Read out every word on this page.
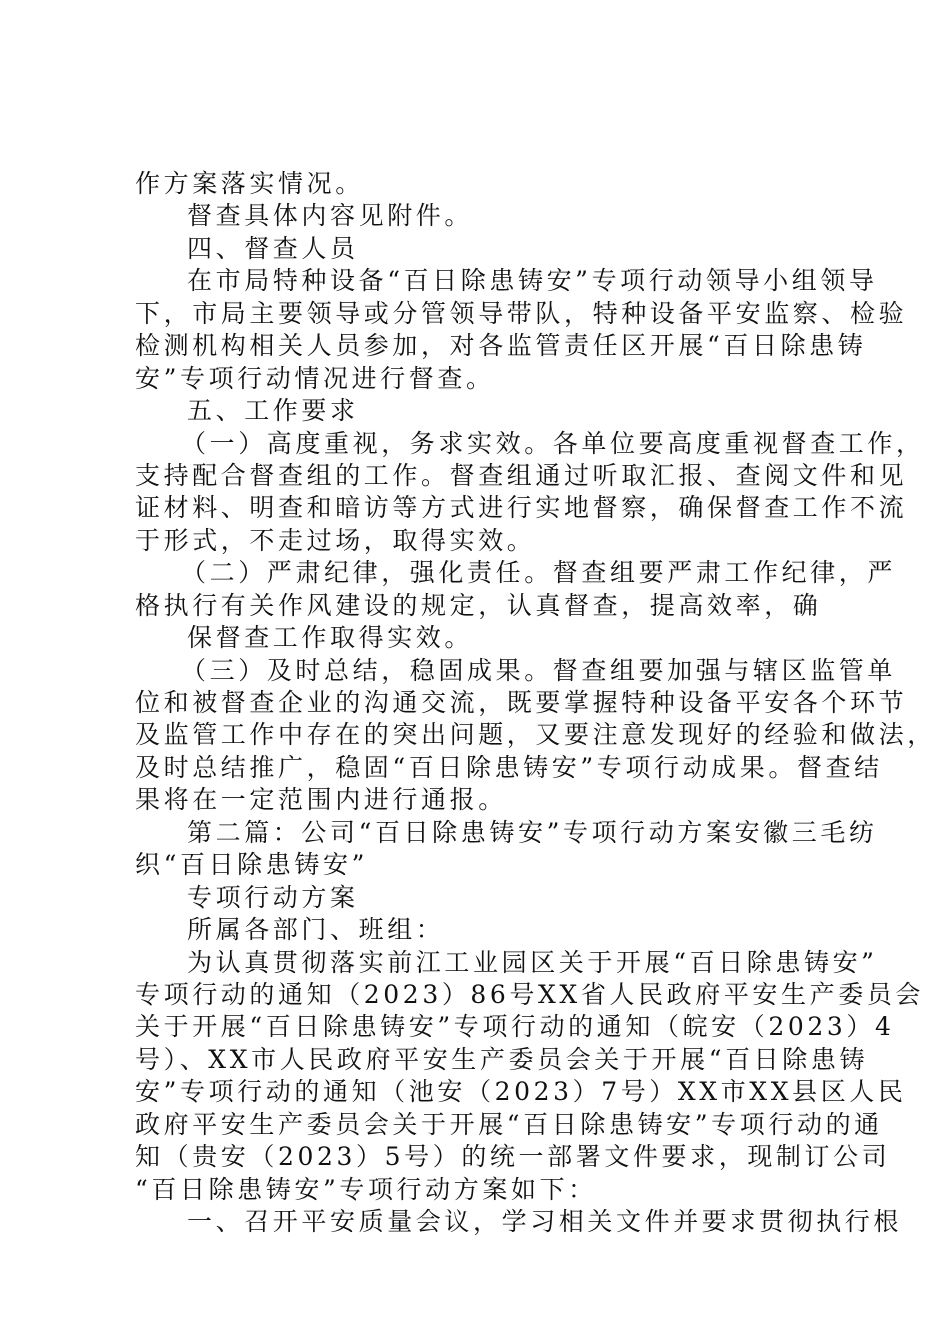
作方案落实情况。
督查具体内容见附件。
四、督查人员
在市局特种设备“百日除患铸安”专项行动领导小组领导
下，市局主要领导或分管领导带队，特种设备平安监察、检验
检测机构相关人员参加，对各监管责任区开展“百日除患铸
安”专项行动情况进行督查。
五、工作要求
（一）高度重视，务求实效。各单位要高度重视督查工作，
支持配合督查组的工作。督查组通过听取汇报、查阅文件和见
证材料、明查和暗访等方式进行实地督察，确保督查工作不流
于形式，不走过场，取得实效。
（二）严肃纪律，强化责任。督查组要严肃工作纪律，严
格执行有关作风建设的规定，认真督查，提高效率，确
保督查工作取得实效。
（三）及时总结，稳固成果。督查组要加强与辖区监管单
位和被督查企业的沟通交流，既要掌握特种设备平安各个环节
及监管工作中存在的突出问题，又要注意发现好的经验和做法，
及时总结推广，稳固“百日除患铸安”专项行动成果。督查结
果将在一定范围内进行通报。
第二篇：公司“百日除患铸安”专项行动方案安徽三毛纺
织“百日除患铸安”
专项行动方案
所属各部门、班组：
为认真贯彻落实前江工业园区关于开展“百日除患铸安”
专项行动的通知（2023）86号XX省人民政府平安生产委员会
关于开展“百日除患铸安”专项行动的通知（皖安（2023）4
号）、XX市人民政府平安生产委员会关于开展“百日除患铸
安”专项行动的通知（池安（2023）7号）XX市XX县区人民
政府平安生产委员会关于开展“百日除患铸安”专项行动的通
知（贵安（2023）5号）的统一部署文件要求，现制订公司
“百日除患铸安”专项行动方案如下：
一、召开平安质量会议，学习相关文件并要求贯彻执行根
